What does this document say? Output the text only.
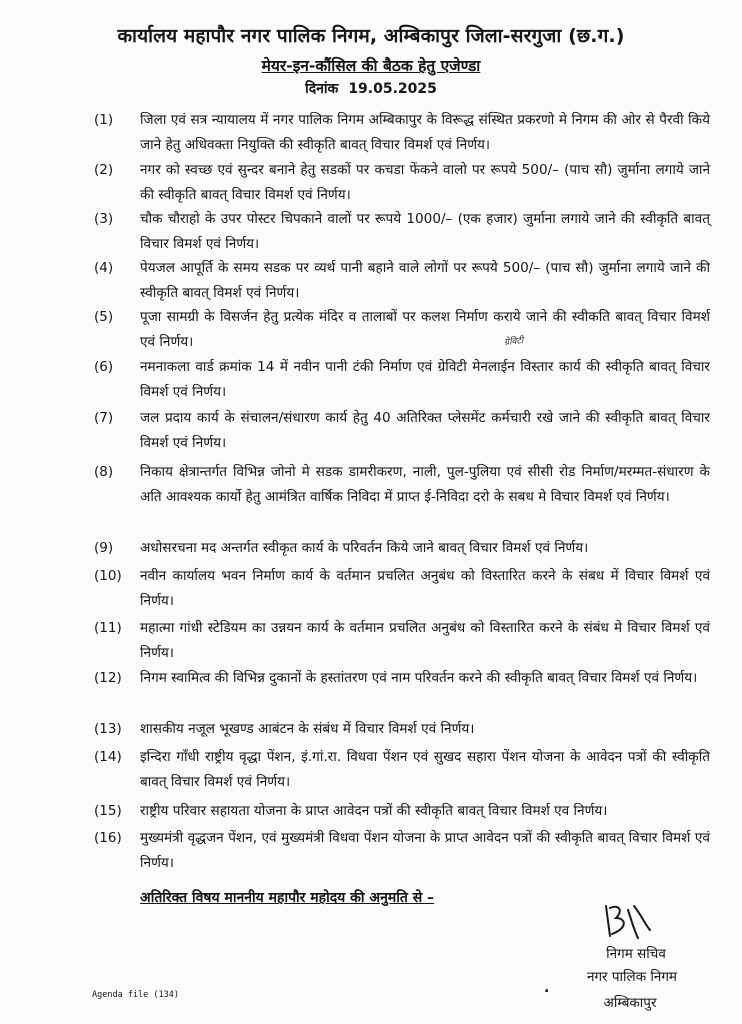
कार्यालय महापौर नगर पालिक निगम, अम्बिकापुर जिला-सरगुजा (छ.ग.)
मेयर-इन-कौंसिल की बैठक हेतु एजेण्डा
दिनांक 19.05.2025
(1)	जिला एवं सत्र न्यायालय में नगर पालिक निगम अम्बिकापुर के विरूद्ध संस्थित प्रकरणो मे निगम की ओर से पैरवी किये जाने हेतु अधिवक्ता नियुक्ति की स्वीकृति बावत् विचार विमर्श एवं निर्णय।
(2)	नगर को स्वच्छ एवं सुन्दर बनाने हेतु सडकों पर कचडा फेंकने वालो पर रूपये 500/– (पाच सौ) जुर्माना लगाये जाने की स्वीकृति बावत् विचार विमर्श एवं निर्णय।
(3)	चौक चौराहो के उपर पोस्टर चिपकाने वालों पर रूपये 1000/– (एक हजार) जुर्माना लगाये जाने की स्वीकृति बावत् विचार विमर्श एवं निर्णय।
(4)	पेयजल आपूर्ति के समय सडक पर व्यर्थ पानी बहाने वाले लोगों पर रूपये 500/– (पाच सौ) जुर्माना लगाये जाने की स्वीकृति बावत् विमर्श एवं निर्णय।
(5)	पूजा सामग्री के विसर्जन हेतु प्रत्येक मंदिर व तालाबों पर कलश निर्माण कराये जाने की स्वीकति बावत् विचार विमर्श एवं निर्णय।
(6)	नमनाकला वार्ड क्रमांक 14 में नवीन पानी टंकी निर्माण एवं ग्रेविटी मेनलाईन विस्तार कार्य की स्वीकृति बावत् विचार विमर्श एवं निर्णय।
(7)	जल प्रदाय कार्य के संचालन/संधारण कार्य हेतु 40 अतिरिक्त प्लेसमेंट कर्मचारी रखे जाने की स्वीकृति बावत् विचार विमर्श एवं निर्णय।
(8)	निकाय क्षेत्रान्तर्गत विभिन्न जोनो मे सडक डामरीकरण, नाली, पुल-पुलिया एवं सीसी रोड निर्माण/मरम्मत-संधारण के अति आवश्यक कार्यो हेतु आमंत्रित वार्षिक निविदा में प्राप्त ई-निविदा दरो के सबध मे विचार विमर्श एवं निर्णय।
(9)	अधोसरचना मद अन्तर्गत स्वीकृत कार्य के परिवर्तन किये जाने बावत् विचार विमर्श एवं निर्णय।
(10)	नवीन कार्यालय भवन निर्माण कार्य के वर्तमान प्रचलित अनुबंध को विस्तारित करने के संबध में विचार विमर्श एवं निर्णय।
(11)	महात्मा गांधी स्टेडियम का उन्नयन कार्य के वर्तमान प्रचलित अनुबंध को विस्तारित करने के संबंध मे विचार विमर्श एवं निर्णय।
(12)	निगम स्वामित्व की विभिन्न दुकानों के हस्तांतरण एवं नाम परिवर्तन करने की स्वीकृति बावत् विचार विमर्श एवं निर्णय।
(13)	शासकीय नजूल भूखण्ड आबंटन के संबंध में विचार विमर्श एवं निर्णय।
(14)	इन्दिरा गाँधी राष्ट्रीय वृद्धा पेंशन, इं.गां.रा. विधवा पेंशन एवं सुखद सहारा पेंशन योजना के आवेदन पत्रों की स्वीकृति बावत् विचार विमर्श एवं निर्णय।
(15)	राष्ट्रीय परिवार सहायता योजना के प्राप्त आवेदन पत्रों की स्वीकृति बावत् विचार विमर्श एव निर्णय।
(16)	मुख्यमंत्री वृद्धजन पेंशन, एवं मुख्यमंत्री विधवा पेंशन योजना के प्राप्त आवेदन पत्रों की स्वीकृति बावत् विचार विमर्श एवं निर्णय।
ग्रेविटी
अतिरिक्त विषय माननीय महापौर महोदय की अनुमति से –
निगम सचिव
नगर पालिक निगम
अम्बिकापुर
.
Agenda file (134)
